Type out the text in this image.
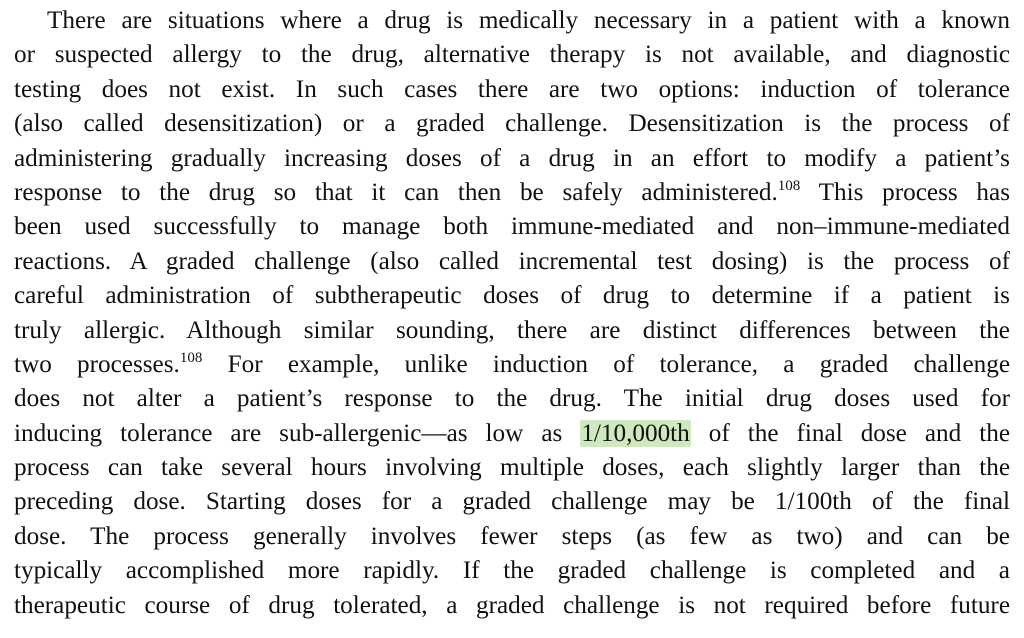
There are situations where a drug is medically necessary in a patient with a known
or suspected allergy to the drug, alternative therapy is not available, and diagnostic
testing does not exist. In such cases there are two options: induction of tolerance
(also called desensitization) or a graded challenge. Desensitization is the process of
administering gradually increasing doses of a drug in an effort to modify a patient’s
response to the drug so that it can then be safely administered.$^{108}$ This process has
been used successfully to manage both immune-mediated and non–immune-mediated
reactions. A graded challenge (also called incremental test dosing) is the process of
careful administration of subtherapeutic doses of drug to determine if a patient is
truly allergic. Although similar sounding, there are distinct differences between the
two processes.$^{108}$ For example, unlike induction of tolerance, a graded challenge
does not alter a patient’s response to the drug. The initial drug doses used for
inducing tolerance are sub-allergenic—as low as 1/10,000th of the final dose and the
process can take several hours involving multiple doses, each slightly larger than the
preceding dose. Starting doses for a graded challenge may be 1/100th of the final
dose. The process generally involves fewer steps (as few as two) and can be
typically accomplished more rapidly. If the graded challenge is completed and a
therapeutic course of drug tolerated, a graded challenge is not required before future
